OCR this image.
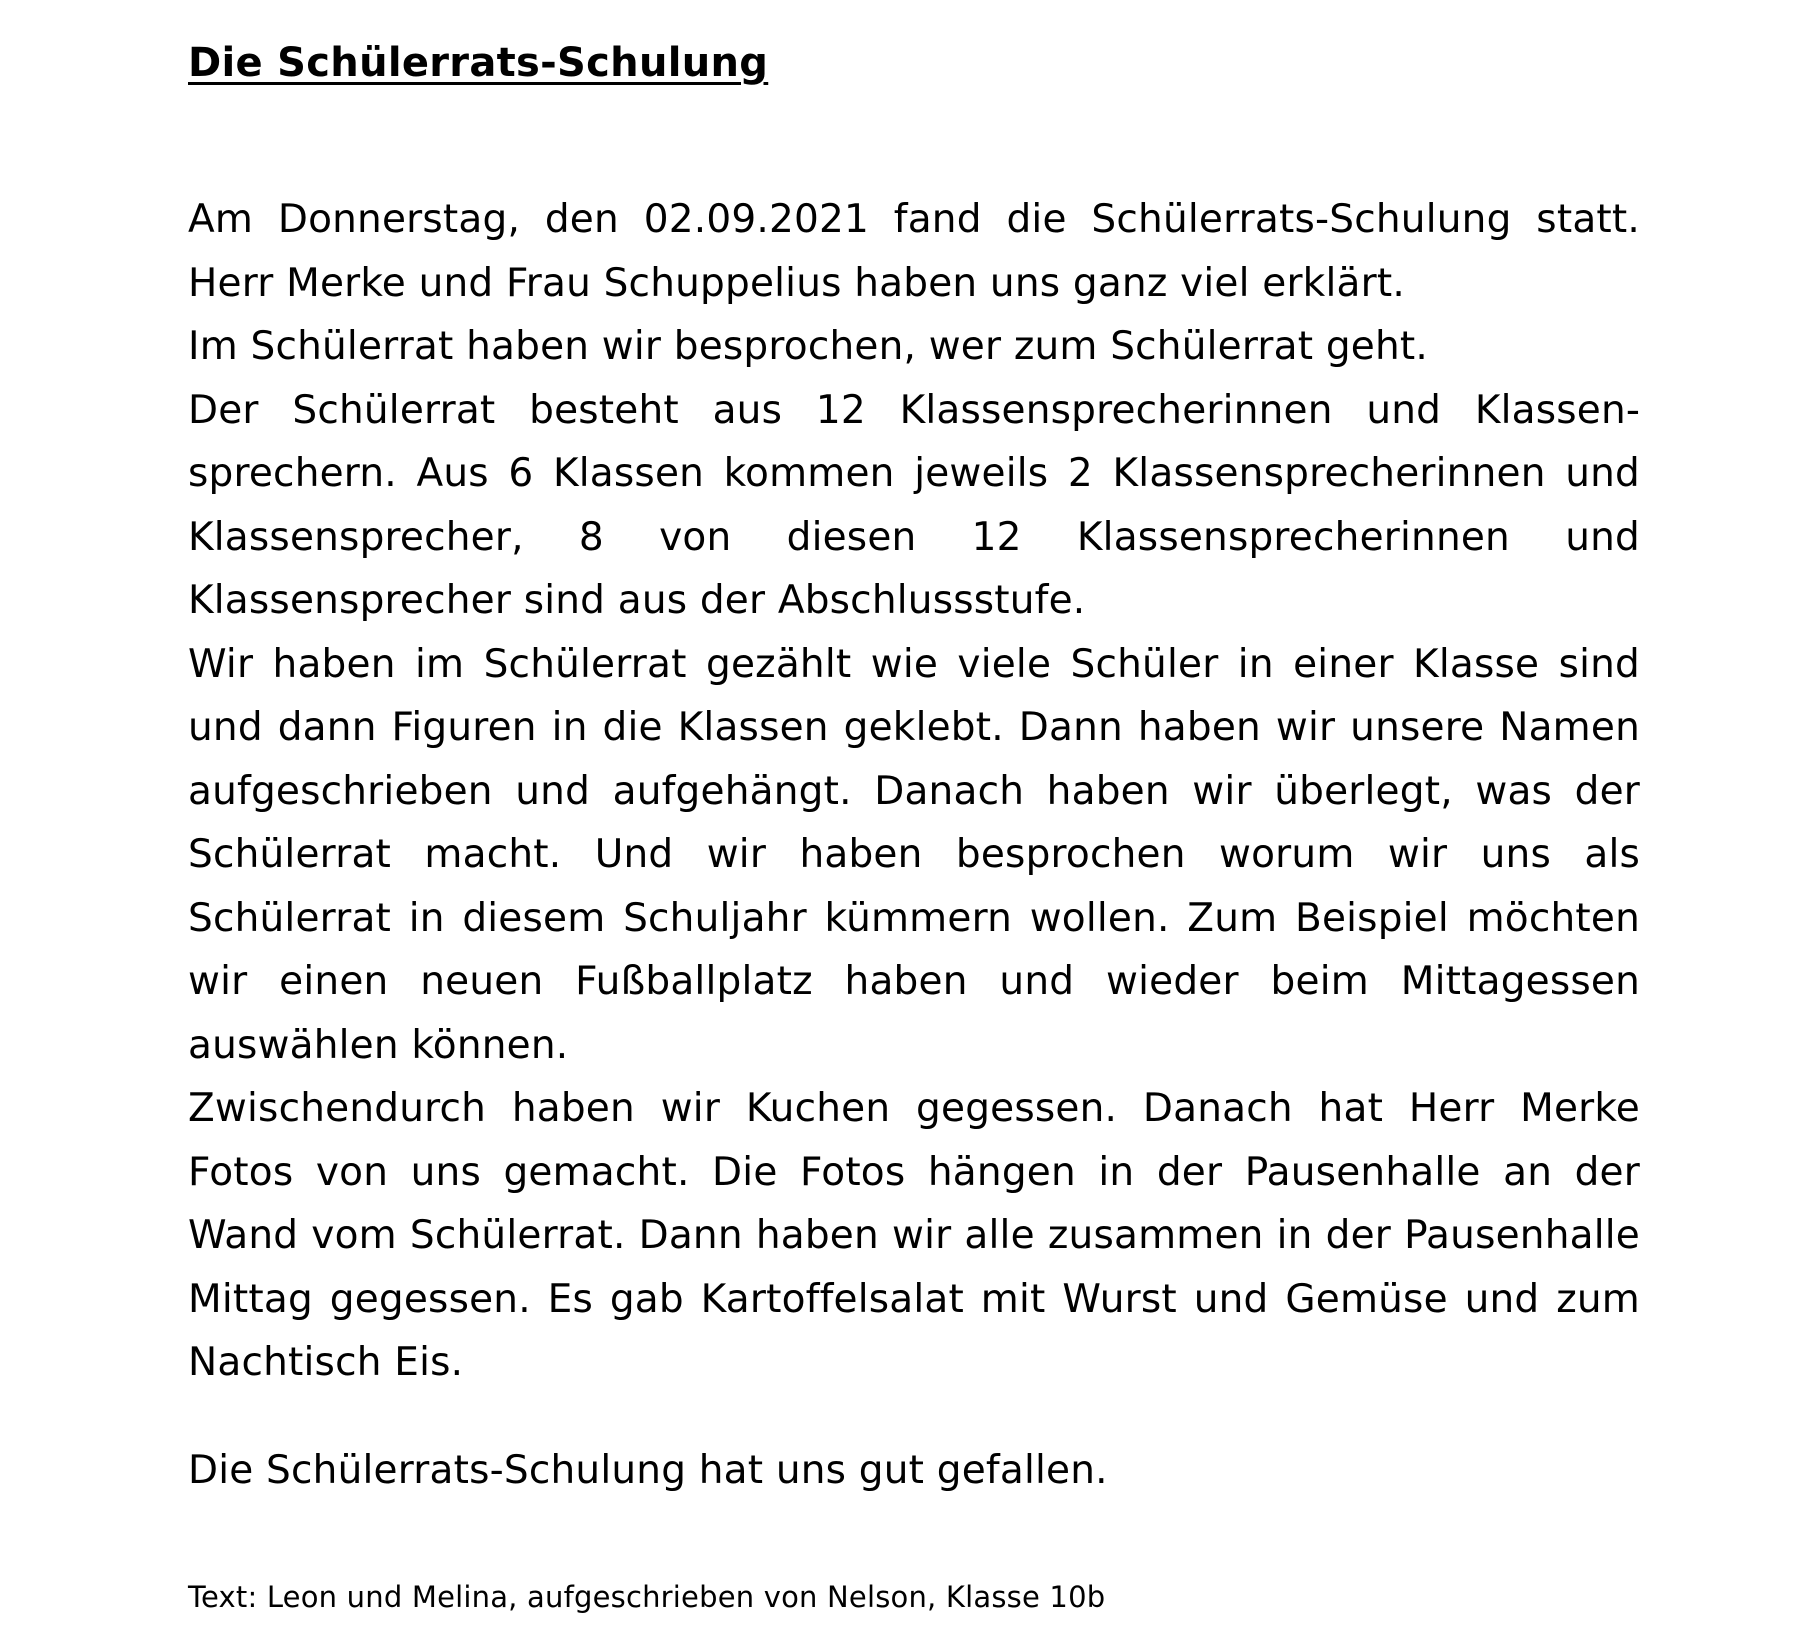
Die Schülerrats-Schulung

Am Donnerstag, den 02.09.2021 fand die Schülerrats-Schulung statt. Herr Merke und Frau Schuppelius haben uns ganz viel erklärt.

Im Schülerrat haben wir besprochen, wer zum Schülerrat geht.

Der Schülerrat besteht aus 12 Klassensprecherinnen und Klassensprechern. Aus 6 Klassen kommen jeweils 2 Klassensprecherinnen und Klassensprecher, 8 von diesen 12 Klassensprecherinnen und Klassensprecher sind aus der Abschlussstufe.

Wir haben im Schülerrat gezählt wie viele Schüler in einer Klasse sind und dann Figuren in die Klassen geklebt. Dann haben wir unsere Namen aufgeschrieben und aufgehängt. Danach haben wir überlegt, was der Schülerrat macht. Und wir haben besprochen worum wir uns als Schülerrat in diesem Schuljahr kümmern wollen. Zum Beispiel möchten wir einen neuen Fußballplatz haben und wieder beim Mittagessen auswählen können.

Zwischendurch haben wir Kuchen gegessen. Danach hat Herr Merke Fotos von uns gemacht. Die Fotos hängen in der Pausenhalle an der Wand vom Schülerrat. Dann haben wir alle zusammen in der Pausenhalle Mittag gegessen. Es gab Kartoffelsalat mit Wurst und Gemüse und zum Nachtisch Eis.

Die Schülerrats-Schulung hat uns gut gefallen.

Text: Leon und Melina, aufgeschrieben von Nelson, Klasse 10b
